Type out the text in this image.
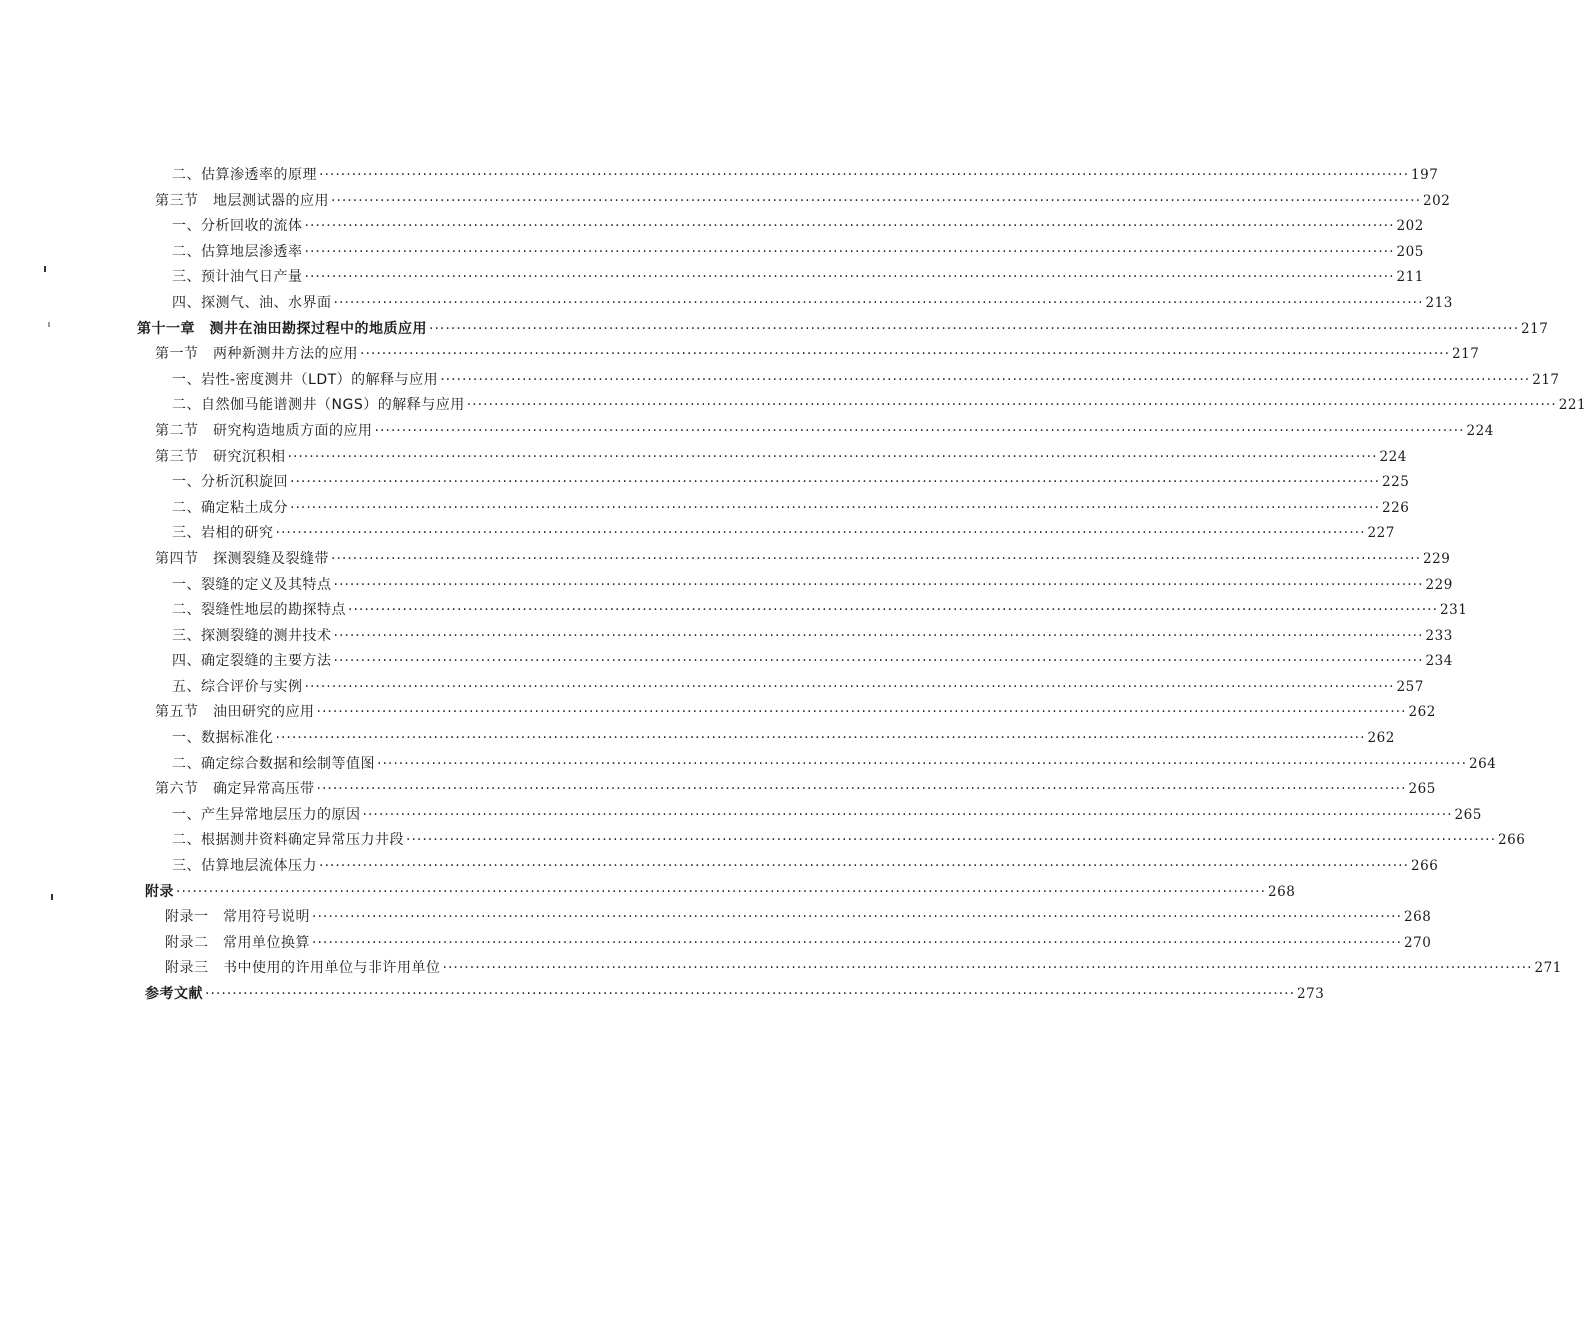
二、估算渗透率的原理 ········································································································································································································ 197
第三节　地层测试器的应用 ········································································································································································································ 202
一、分析回收的流体 ········································································································································································································ 202
二、估算地层渗透率 ········································································································································································································ 205
三、预计油气日产量 ········································································································································································································ 211
四、探测气、油、水界面 ········································································································································································································ 213
第十一章　测井在油田勘探过程中的地质应用 ········································································································································································································ 217
第一节　两种新测井方法的应用 ········································································································································································································ 217
一、岩性-密度测井（LDT）的解释与应用 ········································································································································································································ 217
二、自然伽马能谱测井（NGS）的解释与应用 ········································································································································································································ 221
第二节　研究构造地质方面的应用 ········································································································································································································ 224
第三节　研究沉积相 ········································································································································································································ 224
一、分析沉积旋回 ········································································································································································································ 225
二、确定粘土成分 ········································································································································································································ 226
三、岩相的研究 ········································································································································································································ 227
第四节　探测裂缝及裂缝带 ········································································································································································································ 229
一、裂缝的定义及其特点 ········································································································································································································ 229
二、裂缝性地层的勘探特点 ········································································································································································································ 231
三、探测裂缝的测井技术 ········································································································································································································ 233
四、确定裂缝的主要方法 ········································································································································································································ 234
五、综合评价与实例 ········································································································································································································ 257
第五节　油田研究的应用 ········································································································································································································ 262
一、数据标准化 ········································································································································································································ 262
二、确定综合数据和绘制等值图 ········································································································································································································ 264
第六节　确定异常高压带 ········································································································································································································ 265
一、产生异常地层压力的原因 ········································································································································································································ 265
二、根据测井资料确定异常压力井段 ········································································································································································································ 266
三、估算地层流体压力 ········································································································································································································ 266
附录 ········································································································································································································ 268
附录一　常用符号说明 ········································································································································································································ 268
附录二　常用单位换算 ········································································································································································································ 270
附录三　书中使用的许用单位与非许用单位 ········································································································································································································ 271
参考文献 ········································································································································································································ 273
